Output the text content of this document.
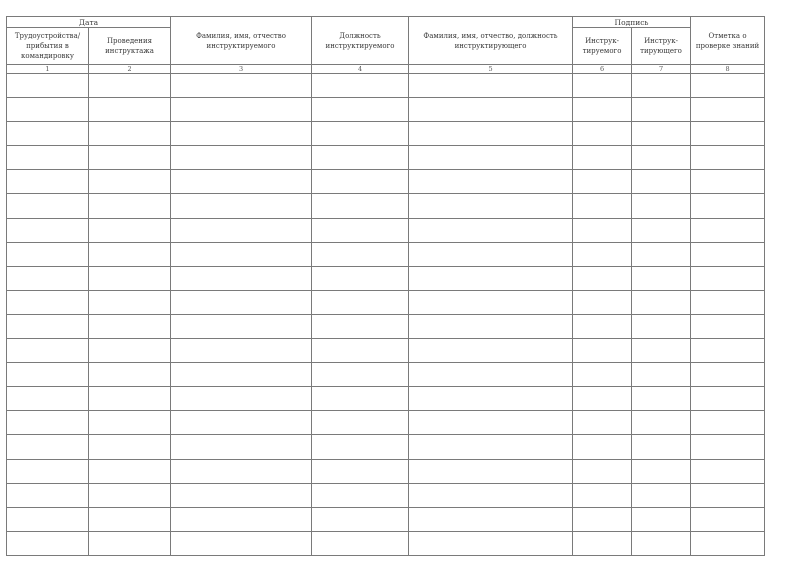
Дата		Фамилия, имя, отчество инструктируемого	Должность инструктируемого	Фамилия, имя, отчество, должность инструктирующего	Подпись		Отметка о проверке знаний

Трудоустройства/ прибытия в командировку	Проведения инструктажа				Инструк- тируемого	Инструк- тирующего	
1	2	3	4	5	6	7	8
